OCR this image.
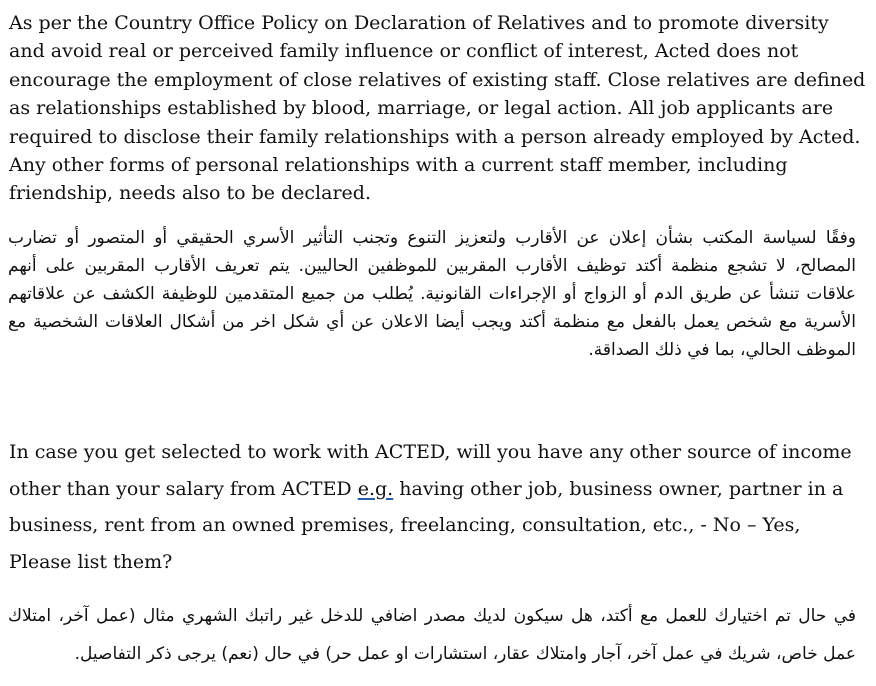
As per the Country Office Policy on Declaration of Relatives and to promote diversity and avoid real or perceived family influence or conflict of interest, Acted does not encourage the employment of close relatives of existing staff. Close relatives are defined as relationships established by blood, marriage, or legal action. All job applicants are required to disclose their family relationships with a person already employed by Acted. Any other forms of personal relationships with a current staff member, including friendship, needs also to be declared.

وفقًا لسياسة المكتب بشأن إعلان عن الأقارب ولتعزيز التنوع وتجنب التأثير الأسري الحقيقي أو المتصور أو تضارب المصالح، لا تشجع منظمة أكتد توظيف الأقارب المقربين للموظفين الحاليين. يتم تعريف الأقارب المقربين على أنهم علاقات تنشأ عن طريق الدم أو الزواج أو الإجراءات القانونية. يُطلب من جميع المتقدمين للوظيفة الكشف عن علاقاتهم الأسرية مع شخص يعمل بالفعل مع منظمة أكتد ويجب أيضا الاعلان عن أي شكل اخر من أشكال العلاقات الشخصية مع الموظف الحالي، بما في ذلك الصداقة.

In case you get selected to work with ACTED, will you have any other source of income other than your salary from ACTED e.g. having other job, business owner, partner in a business, rent from an owned premises, freelancing, consultation, etc., - No – Yes, Please list them?

في حال تم اختيارك للعمل مع أكتد، هل سيكون لديك مصدر اضافي للدخل غير راتبك الشهري مثال (عمل آخر، امتلاك عمل خاص، شريك في عمل آخر، آجار وامتلاك عقار، استشارات او عمل حر) في حال (نعم) يرجى ذكر التفاصيل.
